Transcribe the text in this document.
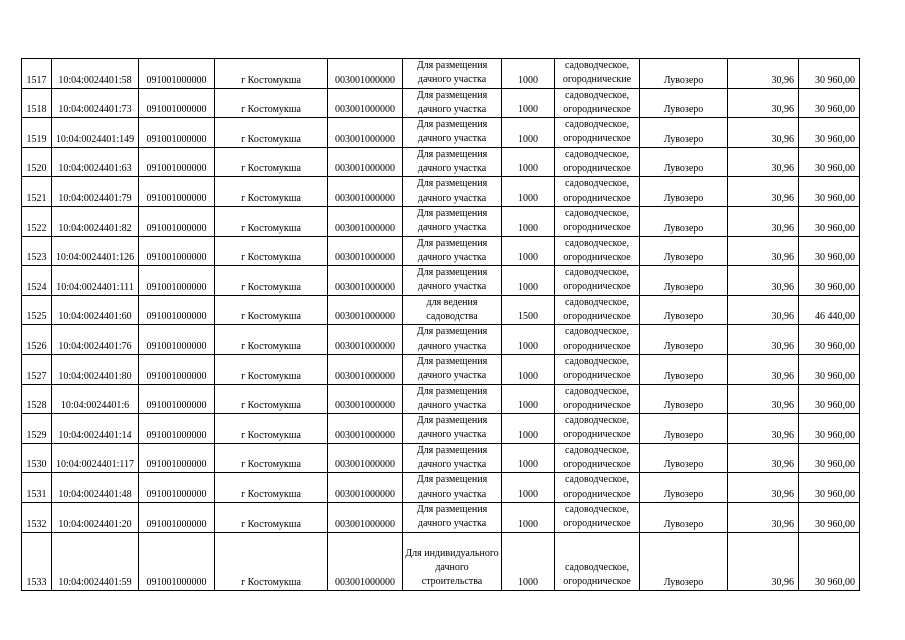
1517	10:04:0024401:58	091001000000	г Костомукша	003001000000	Для размещения дачного участка	1000	садоводческое, огороднические	Лувозеро	30,96	30 960,00
1518	10:04:0024401:73	091001000000	г Костомукша	003001000000	Для размещения дачного участка	1000	садоводческое, огородническое	Лувозеро	30,96	30 960,00
1519	10:04:0024401:149	091001000000	г Костомукша	003001000000	Для размещения дачного участка	1000	садоводческое, огородническое	Лувозеро	30,96	30 960,00
1520	10:04:0024401:63	091001000000	г Костомукша	003001000000	Для размещения дачного участка	1000	садоводческое, огородническое	Лувозеро	30,96	30 960,00
1521	10:04:0024401:79	091001000000	г Костомукша	003001000000	Для размещения дачного участка	1000	садоводческое, огородническое	Лувозеро	30,96	30 960,00
1522	10:04:0024401:82	091001000000	г Костомукша	003001000000	Для размещения дачного участка	1000	садоводческое, огородническое	Лувозеро	30,96	30 960,00
1523	10:04:0024401:126	091001000000	г Костомукша	003001000000	Для размещения дачного участка	1000	садоводческое, огородническое	Лувозеро	30,96	30 960,00
1524	10:04:0024401:111	091001000000	г Костомукша	003001000000	Для размещения дачного участка	1000	садоводческое, огородническое	Лувозеро	30,96	30 960,00
1525	10:04:0024401:60	091001000000	г Костомукша	003001000000	для ведения садоводства	1500	садоводческое, огородническое	Лувозеро	30,96	46 440,00
1526	10:04:0024401:76	091001000000	г Костомукша	003001000000	Для размещения дачного участка	1000	садоводческое, огородническое	Лувозеро	30,96	30 960,00
1527	10:04:0024401:80	091001000000	г Костомукша	003001000000	Для размещения дачного участка	1000	садоводческое, огородническое	Лувозеро	30,96	30 960,00
1528	10:04:0024401:6	091001000000	г Костомукша	003001000000	Для размещения дачного участка	1000	садоводческое, огородническое	Лувозеро	30,96	30 960,00
1529	10:04:0024401:14	091001000000	г Костомукша	003001000000	Для размещения дачного участка	1000	садоводческое, огородническое	Лувозеро	30,96	30 960,00
1530	10:04:0024401:117	091001000000	г Костомукша	003001000000	Для размещения дачного участка	1000	садоводческое, огородническое	Лувозеро	30,96	30 960,00
1531	10:04:0024401:48	091001000000	г Костомукша	003001000000	Для размещения дачного участка	1000	садоводческое, огородническое	Лувозеро	30,96	30 960,00
1532	10:04:0024401:20	091001000000	г Костомукша	003001000000	Для размещения дачного участка	1000	садоводческое, огородническое	Лувозеро	30,96	30 960,00
1533	10:04:0024401:59	091001000000	г Костомукша	003001000000	Для индивидуального дачного строительства	1000	садоводческое, огородническое	Лувозеро	30,96	30 960,00
